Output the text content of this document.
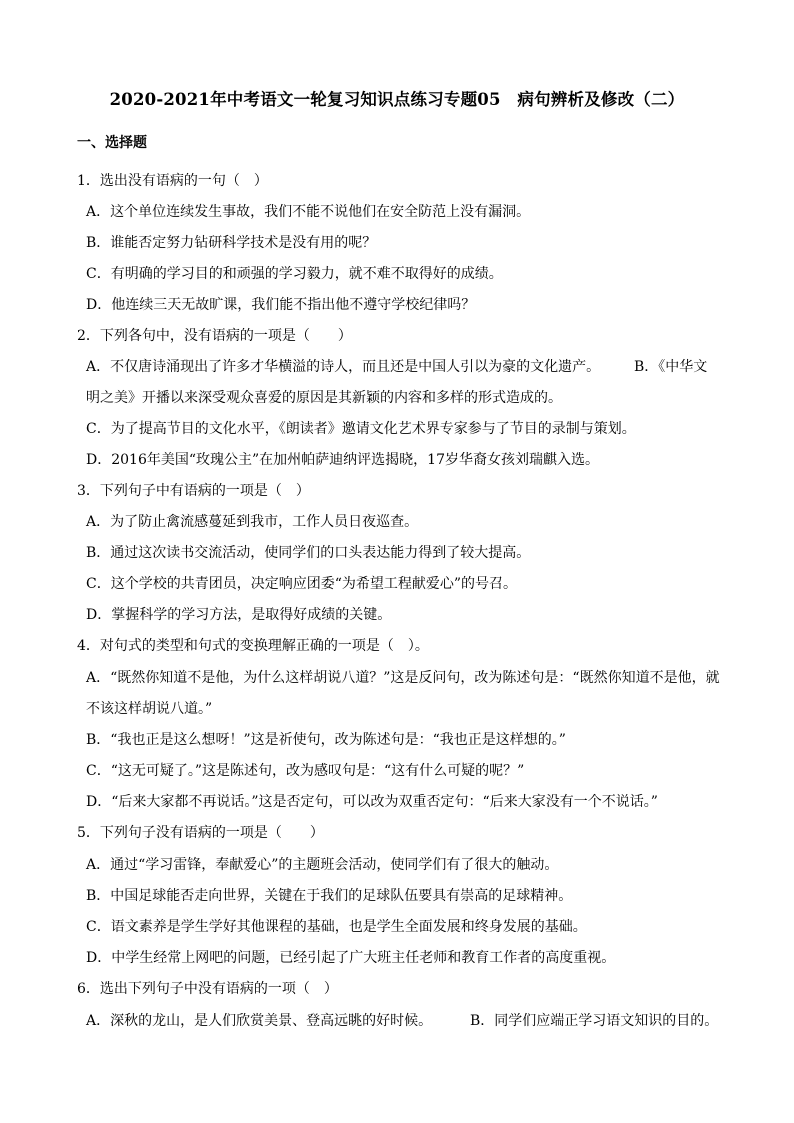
2020-2021年中考语文一轮复习知识点练习专题05　病句辨析及修改（二）
一、选择题
1．选出没有语病的一句（　）
A．这个单位连续发生事故，我们不能不说他们在安全防范上没有漏洞。
B．谁能否定努力钻研科学技术是没有用的呢？
C．有明确的学习目的和顽强的学习毅力，就不难不取得好的成绩。
D．他连续三天无故旷课，我们能不指出他不遵守学校纪律吗？
2．下列各句中，没有语病的一项是（　　）
A．不仅唐诗涌现出了许多才华横溢的诗人，而且还是中国人引以为豪的文化遗产。 B．《中华文
明之美》开播以来深受观众喜爱的原因是其新颖的内容和多样的形式造成的。
C．为了提高节目的文化水平，《朗读者》邀请文化艺术界专家参与了节目的录制与策划。
D．2016年美国“玫瑰公主”在加州帕萨迪纳评选揭晓，17岁华裔女孩刘瑞麒入选。
3．下列句子中有语病的一项是（　）
A．为了防止禽流感蔓延到我市，工作人员日夜巡查。
B．通过这次读书交流活动，使同学们的口头表达能力得到了较大提高。
C．这个学校的共青团员，决定响应团委“为希望工程献爱心”的号召。
D．掌握科学的学习方法，是取得好成绩的关键。
4．对句式的类型和句式的变换理解正确的一项是（　）。
A．“既然你知道不是他，为什么这样胡说八道？”这是反问句，改为陈述句是：“既然你知道不是他，就
不该这样胡说八道。”
B．“我也正是这么想呀！”这是祈使句，改为陈述句是：“我也正是这样想的。”
C．“这无可疑了。”这是陈述句，改为感叹句是：“这有什么可疑的呢？”
D．“后来大家都不再说话。”这是否定句，可以改为双重否定句：“后来大家没有一个不说话。”
5．下列句子没有语病的一项是（　　）
A．通过“学习雷锋，奉献爱心”的主题班会活动，使同学们有了很大的触动。
B．中国足球能否走向世界，关键在于我们的足球队伍要具有崇高的足球精神。
C．语文素养是学生学好其他课程的基础，也是学生全面发展和终身发展的基础。
D．中学生经常上网吧的问题，已经引起了广大班主任老师和教育工作者的高度重视。
6．选出下列句子中没有语病的一项（　）
A．深秋的龙山，是人们欣赏美景、登高远眺的好时候。	B．同学们应端正学习语文知识的目的。
